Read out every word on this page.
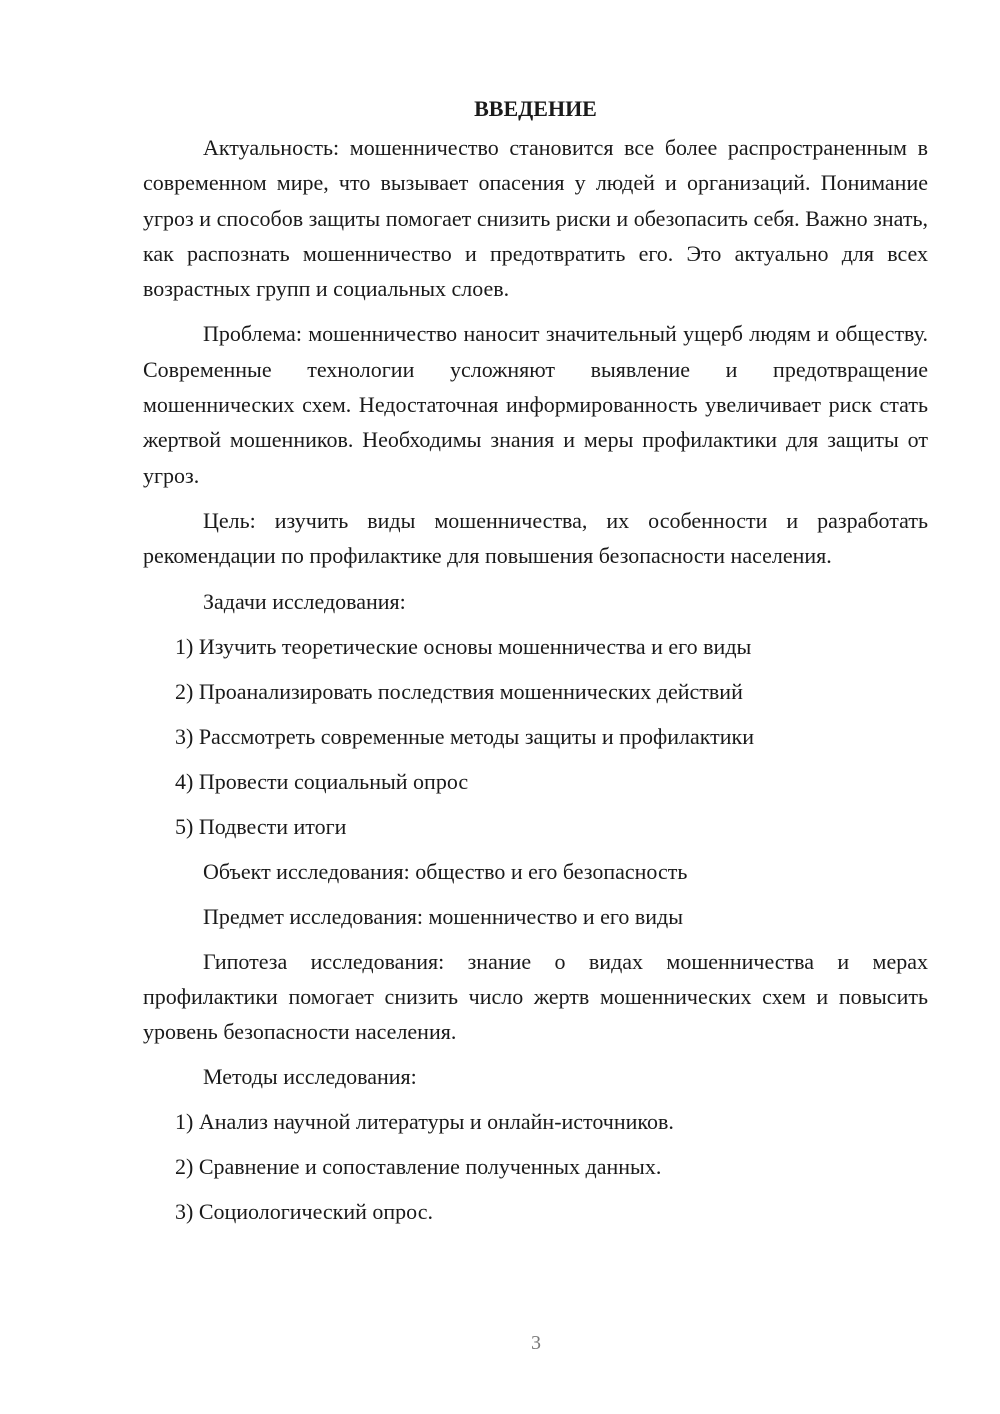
ВВЕДЕНИЕ
Актуальность: мошенничество становится все более распространенным в современном мире, что вызывает опасения у людей и организаций. Понимание угроз и способов защиты помогает снизить риски и обезопасить себя. Важно знать, как распознать мошенничество и предотвратить его. Это актуально для всех возрастных групп и социальных слоев.
Проблема: мошенничество наносит значительный ущерб людям и обществу. Современные технологии усложняют выявление и предотвращение мошеннических схем. Недостаточная информированность увеличивает риск стать жертвой мошенников. Необходимы знания и меры профилактики для защиты от угроз.
Цель: изучить виды мошенничества, их особенности и разработать рекомендации по профилактике для повышения безопасности населения.
Задачи исследования:
1) Изучить теоретические основы мошенничества и его виды
2) Проанализировать последствия мошеннических действий
3) Рассмотреть современные методы защиты и профилактики
4) Провести социальный опрос
5) Подвести итоги
Объект исследования: общество и его безопасность
Предмет исследования: мошенничество и его виды
Гипотеза исследования: знание о видах мошенничества и мерах профилактики помогает снизить число жертв мошеннических схем и повысить уровень безопасности населения.
Методы исследования:
1) Анализ научной литературы и онлайн-источников.
2) Сравнение и сопоставление полученных данных.
3) Социологический опрос.
3
